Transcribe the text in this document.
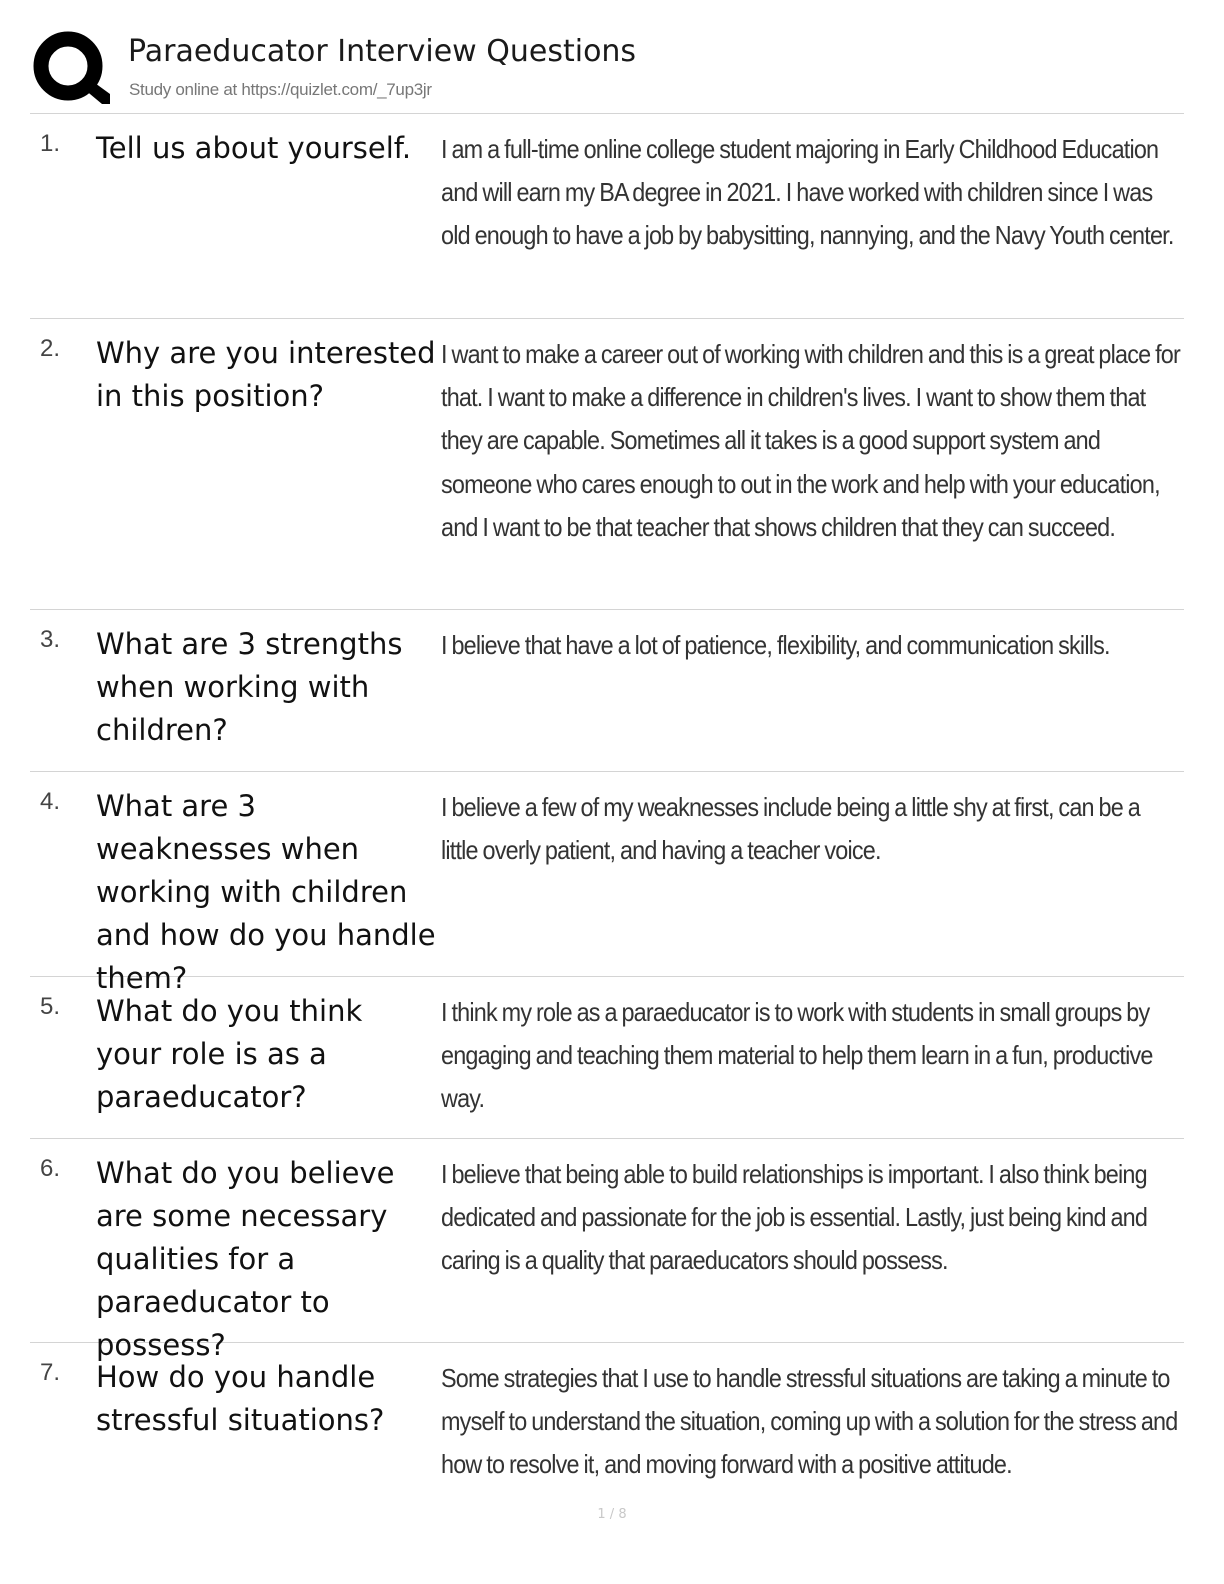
Paraeducator Interview Questions
Study online at https://quizlet.com/_7up3jr
1. Tell us about yourself.	I am a full-time online college student majoring in Early Childhood Education and will earn my BA degree in 2021. I have worked with children since I was old enough to have a job by babysitting, nannying, and the Navy Youth center.
2. Why are you interested in this position?
I want to make a career out of working with children and this is a great place for that. I want to make a difference in children's lives. I want to show them that they are capable. Sometimes all it takes is a good support system and someone who cares enough to out in the work and help with your education, and I want to be that teacher that shows children that they can succeed.
3. What are 3 strengths when working with children?
I believe that have a lot of patience, flexibility, and communication skills.
4. What are 3 weaknesses when working with children and how do you handle them?
I believe a few of my weaknesses include being a little shy at first, can be a little overly patient, and having a teacher voice.
5. What do you think your role is as a paraeducator?
I think my role as a paraeducator is to work with students in small groups by engaging and teaching them material to help them learn in a fun, productive way.
6. What do you believe are some necessary qualities for a paraeducator to possess?
I believe that being able to build relationships is important. I also think being dedicated and passionate for the job is essential. Lastly, just being kind and caring is a quality that paraeducators should possess.
7. How do you handle stressful situations?
Some strategies that I use to handle stressful situations are taking a minute to myself to understand the situation, coming up with a solution for the stress and how to resolve it, and moving forward with a positive attitude.
1 / 8
